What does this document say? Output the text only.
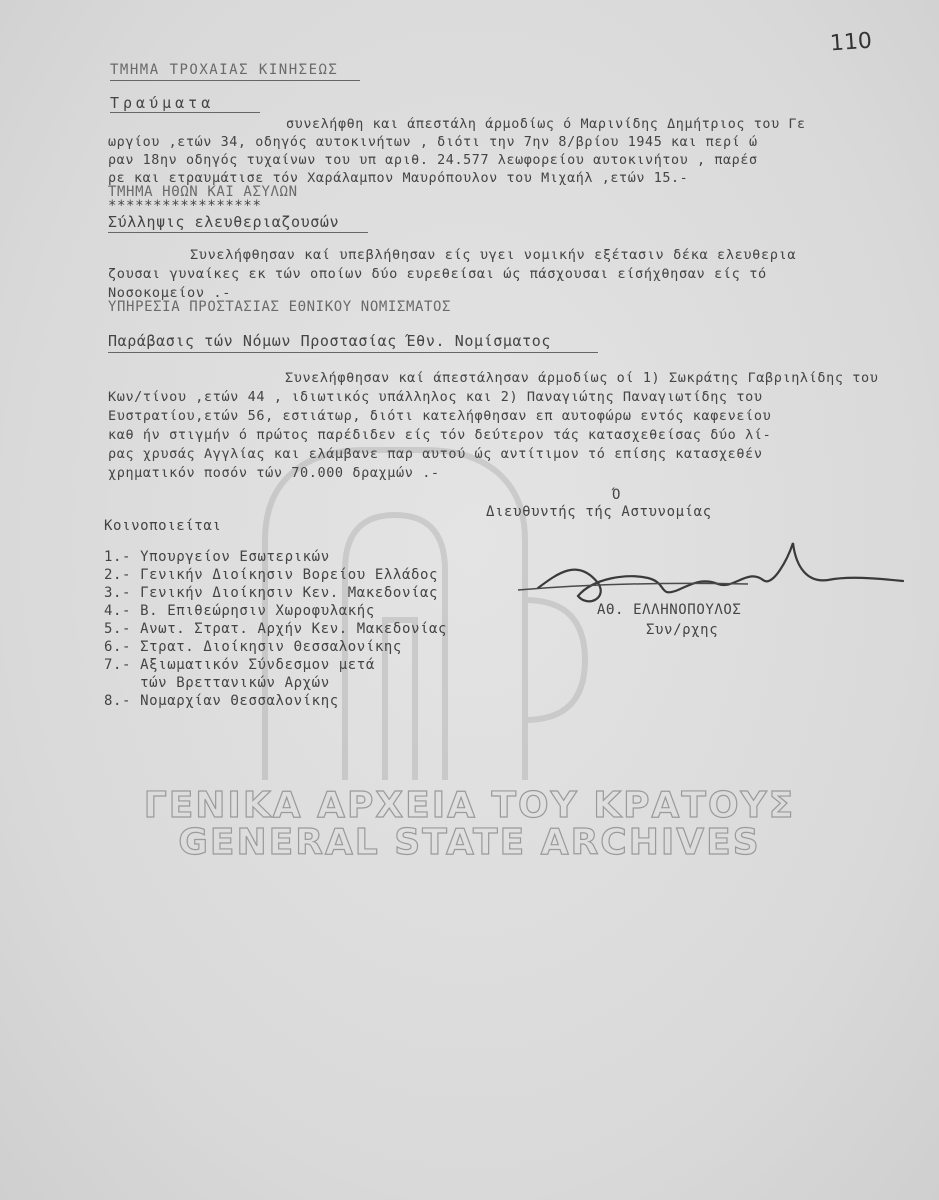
110
ΤΜΗΜΑ ΤΡΟΧΑΙΑΣ ΚΙΝΗΣΕΩΣ
Τραύματα
συνελήφθη και άπεστάλη άρμοδίως ό Μαρινίδης Δημήτριος του Γε
ωργίου ,ετών 34, οδηγός αυτοκινήτων , διότι την 7ην 8/βρίου 1945 και περί ώ
ραν 18ην οδηγός τυχαίνων του υπ αριθ. 24.577 λεωφορείου αυτοκινήτου , παρέσ
ρε και ετραυμάτισε τόν Χαράλαμπον Μαυρόπουλον του Μιχαήλ ,ετών 15.-
ΤΜΗΜΑ ΗΘΩΝ ΚΑΙ ΑΣΥΛΩΝ
*****************
Σύλληψις ελευθεριαζουσών
Συνελήφθησαν καί υπεβλήθησαν είς υγει νομικήν εξέτασιν δέκα ελευθερια
ζουσαι γυναίκες εκ τών οποίων δύο ευρεθείσαι ώς πάσχουσαι είσήχθησαν είς τό
Νοσοκομείον .-
ΥΠΗΡΕΣΙΑ ΠΡΟΣΤΑΣΙΑΣ ΕΘΝΙΚΟΥ ΝΟΜΙΣΜΑΤΟΣ
Παράβασις τών Νόμων Προστασίας Έθν. Νομίσματος
Συνελήφθησαν καί άπεστάλησαν άρμοδίως οί 1) Σωκράτης Γαβριηλίδης του
Κων/τίνου ,ετών 44 , ιδιωτικός υπάλληλος και 2) Παναγιώτης Παναγιωτίδης του
Ευστρατίου,ετών 56, εστιάτωρ, διότι κατελήφθησαν επ αυτοφώρω εντός καφενείου
καθ ήν στιγμήν ό πρώτος παρέδιδεν είς τόν δεύτερον τάς κατασχεθείσας δύο λί-
ρας χρυσάς Αγγλίας και ελάμβανε παρ αυτού ώς αντίτιμον τό επίσης κατασχεθέν
χρηματικόν ποσόν τών 70.000 δραχμών .-
Ό
Διευθυντής τής Αστυνομίας
ΑΘ. ΕΛΛΗΝΟΠΟΥΛΟΣ
Συν/ρχης
Κοινοποιείται
1.- Υπουργείον Εσωτερικών
2.- Γενικήν Διοίκησιν Βορείου Ελλάδος
3.- Γενικήν Διοίκησιν Κεν. Μακεδονίας
4.- Β. Επιθεώρησιν Χωροφυλακής
5.- Ανωτ. Στρατ. Αρχήν Κεν. Μακεδονίας
6.- Στρατ. Διοίκησιν Θεσσαλονίκης
7.- Αξιωματικόν Σύνδεσμον μετά
τών Βρεττανικών Αρχών
8.- Νομαρχίαν Θεσσαλονίκης
ΓΕΝΙΚΑ ΑΡΧΕΙΑ ΤΟΥ ΚΡΑΤΟΥΣ
GENERAL STATE ARCHIVES
